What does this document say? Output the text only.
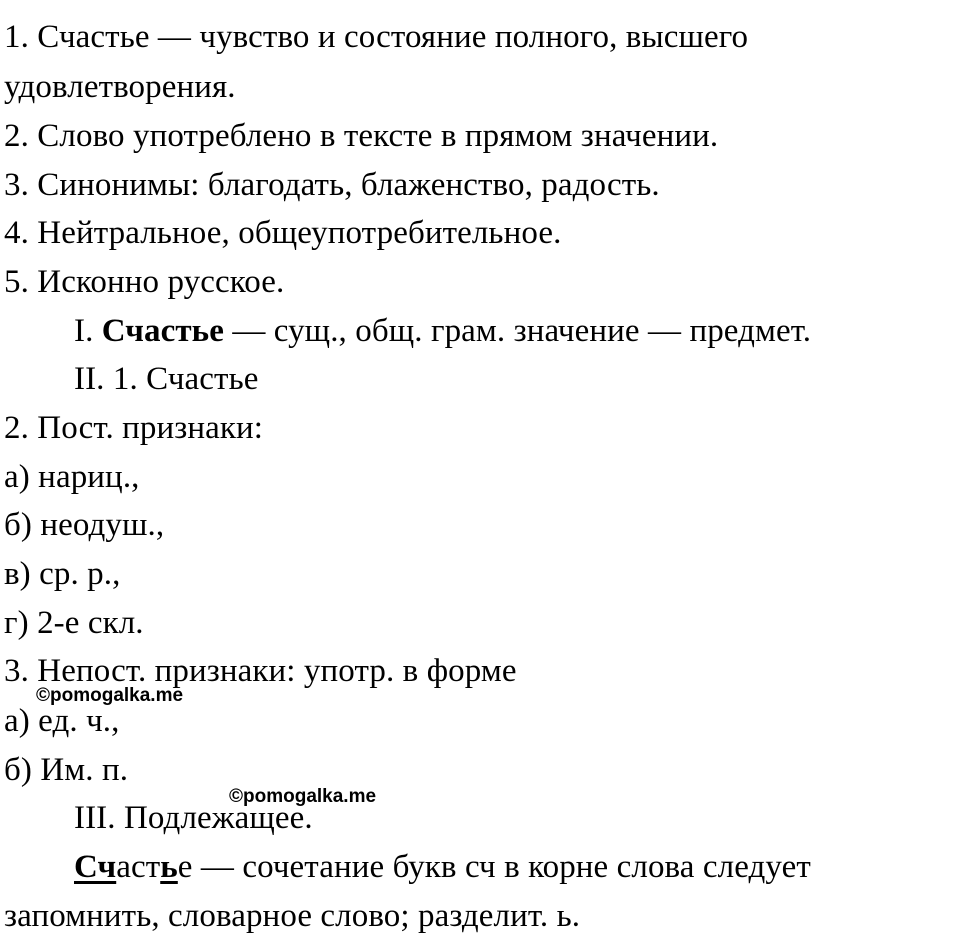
1. Счастье — чувство и состояние полного, высшего
удовлетворения.
2. Слово употреблено в тексте в прямом значении.
3. Синонимы: благодать, блаженство, радость.
4. Нейтральное, общеупотребительное.
5. Исконно русское.
I. Счастье — сущ., общ. грам. значение — предмет.
II. 1. Счастье
2. Пост. признаки:
а) нариц.,
б) неодуш.,
в) ср. р.,
г) 2-е скл.
3. Непост. признаки: употр. в форме
а) ед. ч.,
б) Им. п.
III. Подлежащее.
Счастье — сочетание букв сч в корне слова следует
запомнить, словарное слово; разделит. ь.
©pomogalka.me
©pomogalka.me
